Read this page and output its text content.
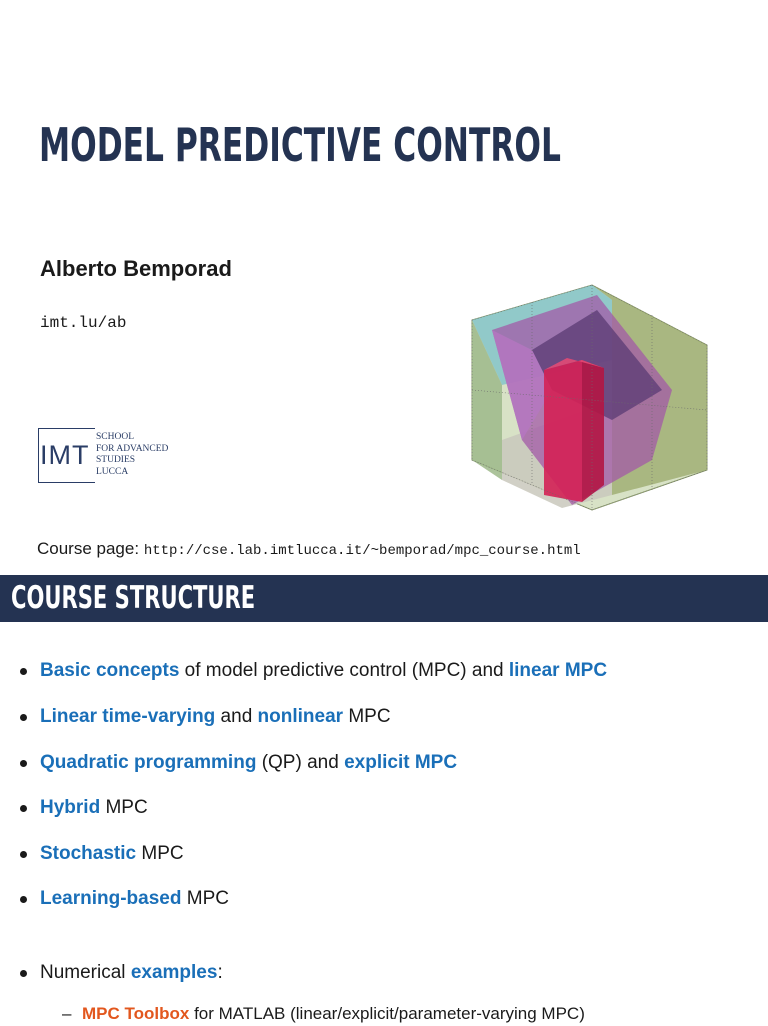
MODEL PREDICTIVE CONTROL
Alberto Bemporad
imt.lu/ab
IMT
SCHOOL
FOR ADVANCED
STUDIES
LUCCA
Course page: http://cse.lab.imtlucca.it/~bemporad/mpc_course.html
COURSE STRUCTURE
Basic concepts of model predictive control (MPC) and linear MPC
Linear time-varying and nonlinear MPC
Quadratic programming (QP) and explicit MPC
Hybrid MPC
Stochastic MPC
Learning-based MPC
Numerical examples:
– MPC Toolbox for MATLAB (linear/explicit/parameter-varying MPC)
